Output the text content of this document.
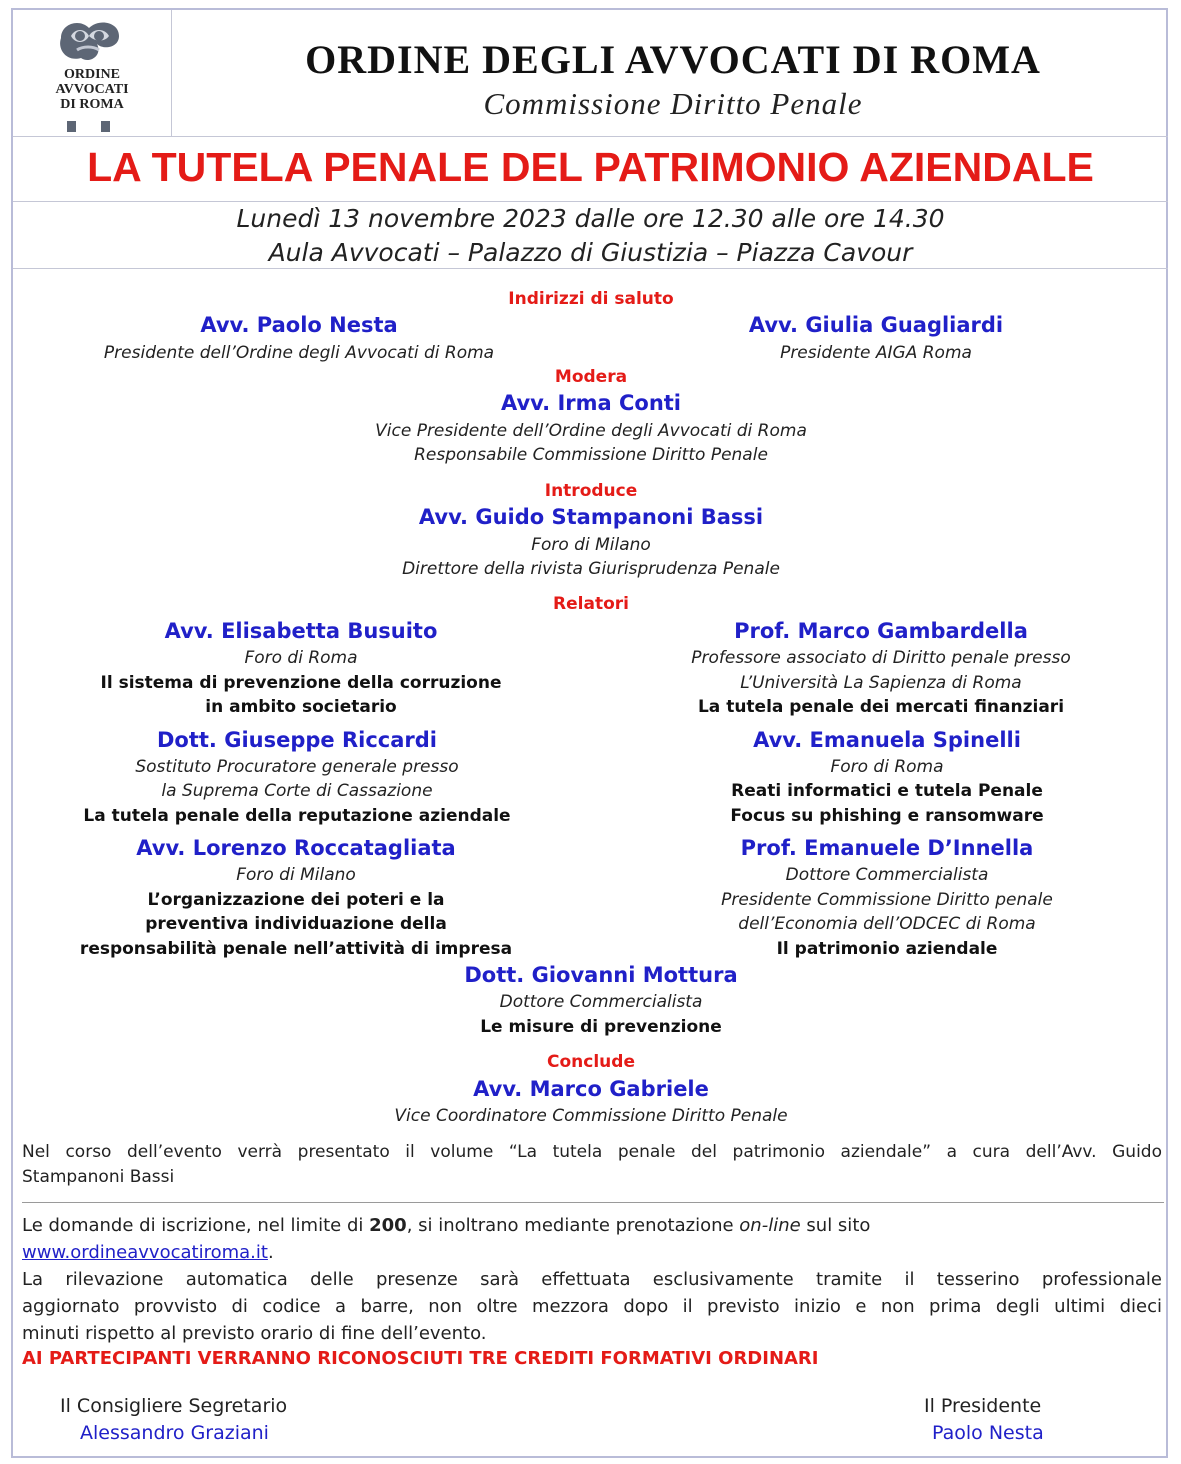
ORDINE
AVVOCATI
DI ROMA
ORDINE DEGLI AVVOCATI DI ROMA
Commissione Diritto Penale
LA TUTELA PENALE DEL PATRIMONIO AZIENDALE
Lunedì 13 novembre 2023 dalle ore 12.30 alle ore 14.30
Aula Avvocati – Palazzo di Giustizia – Piazza Cavour
Indirizzi di saluto
Avv. Paolo Nesta
Presidente dell’Ordine degli Avvocati di Roma
Avv. Giulia Guagliardi
Presidente AIGA Roma
Modera
Avv. Irma Conti
Vice Presidente dell’Ordine degli Avvocati di Roma
Responsabile Commissione Diritto Penale
Introduce
Avv. Guido Stampanoni Bassi
Foro di Milano
Direttore della rivista Giurisprudenza Penale
Relatori
Avv. Elisabetta Busuito
Foro di Roma
Il sistema di prevenzione della corruzione
in ambito societario
Prof. Marco Gambardella
Professore associato di Diritto penale presso
L’Università La Sapienza di Roma
La tutela penale dei mercati finanziari
Dott. Giuseppe Riccardi
Sostituto Procuratore generale presso
la Suprema Corte di Cassazione
La tutela penale della reputazione aziendale
Avv. Emanuela Spinelli
Foro di Roma
Reati informatici e tutela Penale
Focus su phishing e ransomware
Avv. Lorenzo Roccatagliata
Foro di Milano
L’organizzazione dei poteri e la
preventiva individuazione della
responsabilità penale nell’attività di impresa
Prof. Emanuele D’Innella
Dottore Commercialista
Presidente Commissione Diritto penale
dell’Economia dell’ODCEC di Roma
Il patrimonio aziendale
Dott. Giovanni Mottura
Dottore Commercialista
Le misure di prevenzione
Conclude
Avv. Marco Gabriele
Vice Coordinatore Commissione Diritto Penale
Nel corso dell’evento verrà presentato il volume “La tutela penale del patrimonio aziendale” a cura dell’Avv. Guido
Stampanoni Bassi
Le domande di iscrizione, nel limite di 200, si inoltrano mediante prenotazione on-line sul sito
www.ordineavvocatiroma.it.
La rilevazione automatica delle presenze sarà effettuata esclusivamente tramite il tesserino professionale
aggiornato provvisto di codice a barre, non oltre mezzora dopo il previsto inizio e non prima degli ultimi dieci
minuti rispetto al previsto orario di fine dell’evento.
AI PARTECIPANTI VERRANNO RICONOSCIUTI TRE CREDITI FORMATIVI ORDINARI
Il Consigliere Segretario
Alessandro Graziani
Il Presidente
Paolo Nesta
